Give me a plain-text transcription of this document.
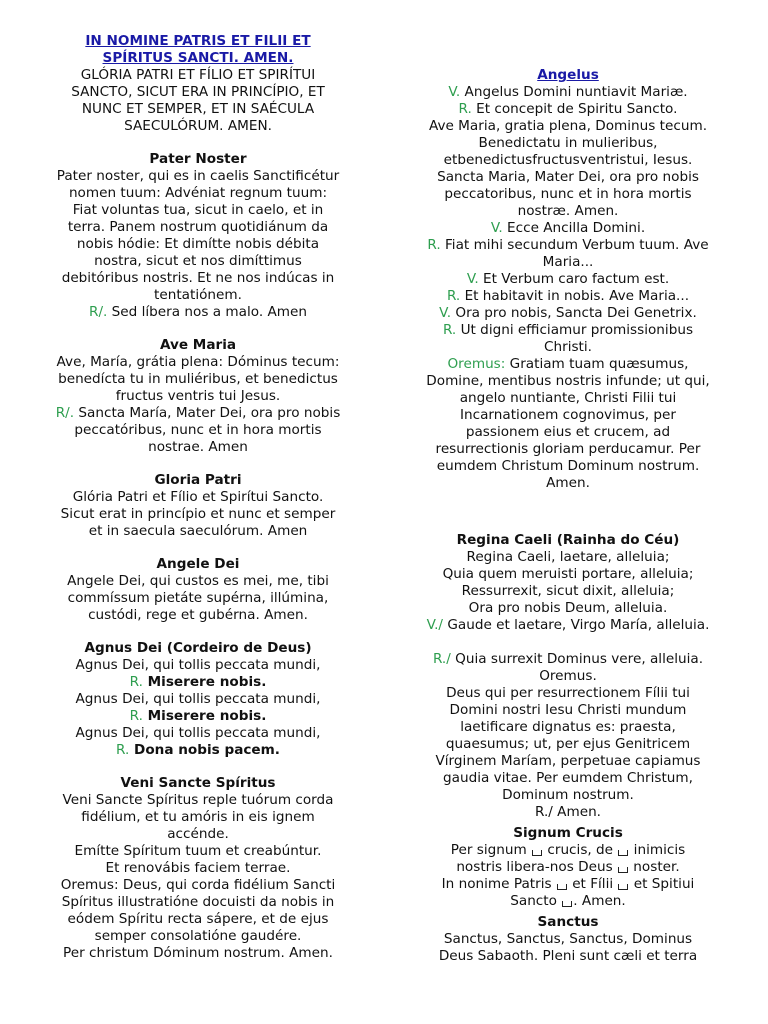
IN NOMINE PATRIS ET FILII ET
SPÍRITUS SANCTI. AMEN.
GLÓRIA PATRI ET FÍLIO ET SPIRÍTUI
SANCTO, SICUT ERA IN PRINCÍPIO, ET
NUNC ET SEMPER, ET IN SAÉCULA
SAECULÓRUM. AMEN.
Pater Noster
Pater noster, qui es in caelis Sanctificétur
nomen tuum: Advéniat regnum tuum:
Fiat voluntas tua, sicut in caelo, et in
terra. Panem nostrum quotidiánum da
nobis hódie: Et dimítte nobis débita
nostra, sicut et nos dimíttimus
debitóribus nostris. Et ne nos indúcas in
tentatiónem.
R/. Sed líbera nos a malo. Amen
Ave Maria
Ave, María, grátia plena: Dóminus tecum:
benedícta tu in muliéribus, et benedictus
fructus ventris tui Jesus.
R/. Sancta María, Mater Dei, ora pro nobis
peccatóribus, nunc et in hora mortis
nostrae. Amen
Gloria Patri
Glória Patri et Fílio et Spirítui Sancto.
Sicut erat in princípio et nunc et semper
et in saecula saeculórum. Amen
Angele Dei
Angele Dei, qui custos es mei, me, tibi
commíssum pietáte supérna, illúmina,
custódi, rege et gubérna. Amen.
Agnus Dei (Cordeiro de Deus)
Agnus Dei, qui tollis peccata mundi,
R. Miserere nobis.
Agnus Dei, qui tollis peccata mundi,
R. Miserere nobis.
Agnus Dei, qui tollis peccata mundi,
R. Dona nobis pacem.
Veni Sancte Spíritus
Veni Sancte Spíritus reple tuórum corda
fidélium, et tu amóris in eis ignem
accénde.
Emítte Spíritum tuum et creabúntur.
Et renovábis faciem terrae.
Oremus: Deus, qui corda fidélium Sancti
Spíritus illustratióne docuisti da nobis in
eódem Spíritu recta sápere, et de ejus
semper consolatióne gaudére.
Per christum Dóminum nostrum. Amen.
Angelus
V. Angelus Domini nuntiavit Mariæ.
R. Et concepit de Spiritu Sancto.
Ave Maria, gratia plena, Dominus tecum.
Benedictatu in mulieribus,
etbenedictusfructusventristui, Iesus.
Sancta Maria, Mater Dei, ora pro nobis
peccatoribus, nunc et in hora mortis
nostræ. Amen.
V. Ecce Ancilla Domini.
R. Fiat mihi secundum Verbum tuum. Ave
Maria...
V. Et Verbum caro factum est.
R. Et habitavit in nobis. Ave Maria...
V. Ora pro nobis, Sancta Dei Genetrix.
R. Ut digni efficiamur promissionibus
Christi.
Oremus: Gratiam tuam quæsumus,
Domine, mentibus nostris infunde; ut qui,
angelo nuntiante, Christi Filii tui
Incarnationem cognovimus, per
passionem eius et crucem, ad
resurrectionis gloriam perducamur. Per
eumdem Christum Dominum nostrum.
Amen.
Regina Caeli (Rainha do Céu)
Regina Caeli, laetare, alleluia;
Quia quem meruisti portare, alleluia;
Ressurrexit, sicut dixit, alleluia;
Ora pro nobis Deum, alleluia.
V./ Gaude et laetare, Virgo María, alleluia.
R./ Quia surrexit Dominus vere, alleluia.
Oremus.
Deus qui per resurrectionem Fílii tui
Domini nostri Iesu Christi mundum
laetificare dignatus es: praesta,
quaesumus; ut, per ejus Genitricem
Vírginem Maríam, perpetuae capiamus
gaudia vitae. Per eumdem Christum,
Dominum nostrum.
R./ Amen.
Signum Crucis
Per signum  crucis, de  inimicis
nostris libera-nos Deus  noster.
In nonime Patris  et Fílii  et Spitiui
Sancto . Amen.
Sanctus
Sanctus, Sanctus, Sanctus, Dominus
Deus Sabaoth. Pleni sunt cæli et terra
